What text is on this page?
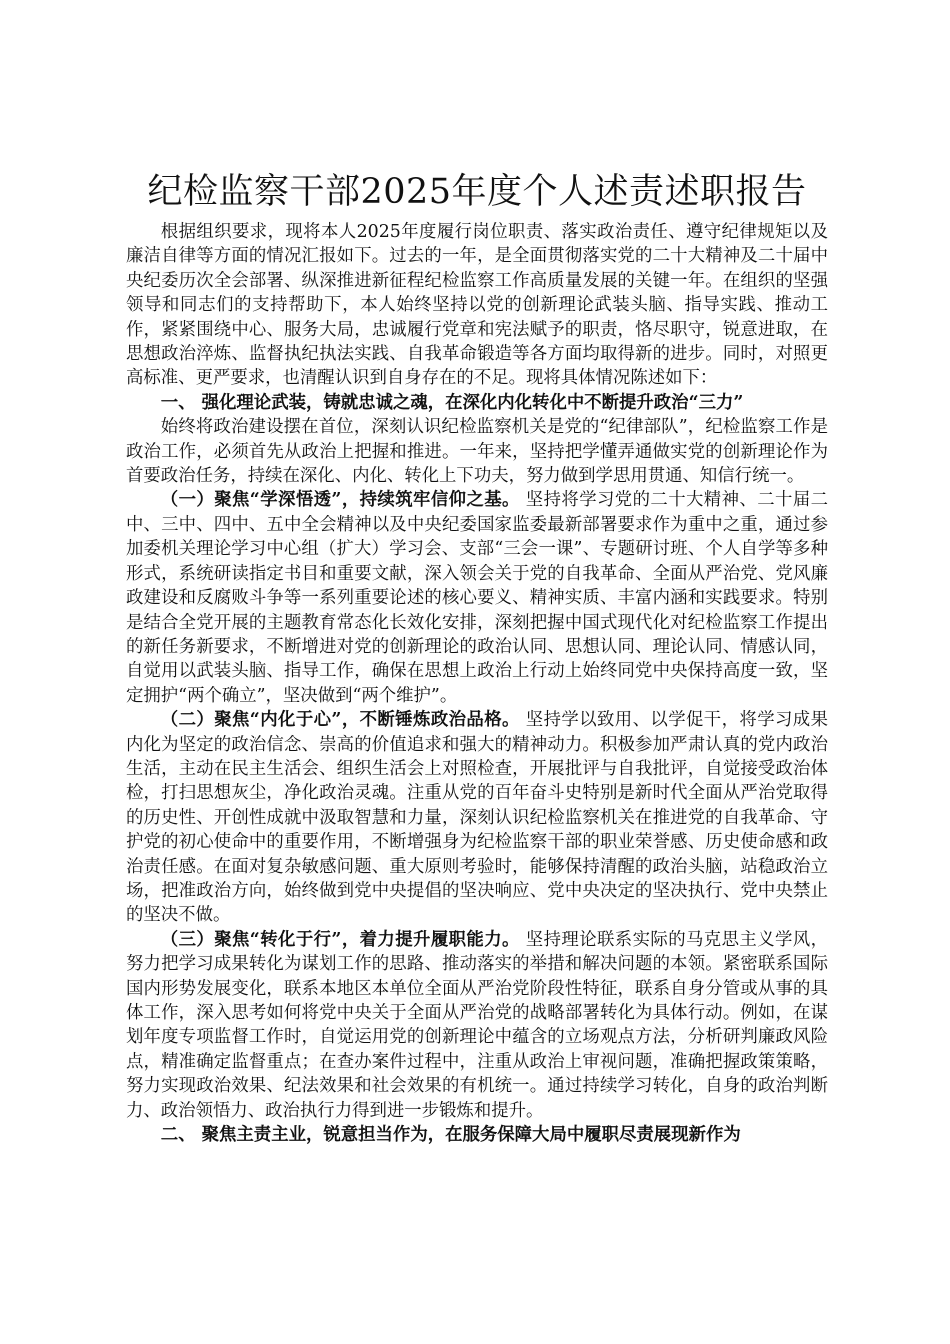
纪检监察干部2025年度个人述责述职报告

根据组织要求，现将本人2025年度履行岗位职责、落实政治责任、遵守纪律规矩以及廉洁自律等方面的情况汇报如下。过去的一年，是全面贯彻落实党的二十大精神及二十届中央纪委历次全会部署、纵深推进新征程纪检监察工作高质量发展的关键一年。在组织的坚强领导和同志们的支持帮助下，本人始终坚持以党的创新理论武装头脑、指导实践、推动工作，紧紧围绕中心、服务大局，忠诚履行党章和宪法赋予的职责，恪尽职守，锐意进取，在思想政治淬炼、监督执纪执法实践、自我革命锻造等各方面均取得新的进步。同时，对照更高标准、更严要求，也清醒认识到自身存在的不足。现将具体情况陈述如下：

一、 强化理论武装，铸就忠诚之魂，在深化内化转化中不断提升政治“三力”

始终将政治建设摆在首位，深刻认识纪检监察机关是党的“纪律部队”，纪检监察工作是政治工作，必须首先从政治上把握和推进。一年来，坚持把学懂弄通做实党的创新理论作为首要政治任务，持续在深化、内化、转化上下功夫，努力做到学思用贯通、知信行统一。

（一）聚焦“学深悟透”，持续筑牢信仰之基。 坚持将学习党的二十大精神、二十届二中、三中、四中、五中全会精神以及中央纪委国家监委最新部署要求作为重中之重，通过参加委机关理论学习中心组（扩大）学习会、支部“三会一课”、专题研讨班、个人自学等多种形式，系统研读指定书目和重要文献，深入领会关于党的自我革命、全面从严治党、党风廉政建设和反腐败斗争等一系列重要论述的核心要义、精神实质、丰富内涵和实践要求。特别是结合全党开展的主题教育常态化长效化安排，深刻把握中国式现代化对纪检监察工作提出的新任务新要求，不断增进对党的创新理论的政治认同、思想认同、理论认同、情感认同，自觉用以武装头脑、指导工作，确保在思想上政治上行动上始终同党中央保持高度一致，坚定拥护“两个确立”，坚决做到“两个维护”。

（二）聚焦“内化于心”，不断锤炼政治品格。 坚持学以致用、以学促干，将学习成果内化为坚定的政治信念、崇高的价值追求和强大的精神动力。积极参加严肃认真的党内政治生活，主动在民主生活会、组织生活会上对照检查，开展批评与自我批评，自觉接受政治体检，打扫思想灰尘，净化政治灵魂。注重从党的百年奋斗史特别是新时代全面从严治党取得的历史性、开创性成就中汲取智慧和力量，深刻认识纪检监察机关在推进党的自我革命、守护党的初心使命中的重要作用，不断增强身为纪检监察干部的职业荣誉感、历史使命感和政治责任感。在面对复杂敏感问题、重大原则考验时，能够保持清醒的政治头脑，站稳政治立场，把准政治方向，始终做到党中央提倡的坚决响应、党中央决定的坚决执行、党中央禁止的坚决不做。

（三）聚焦“转化于行”，着力提升履职能力。 坚持理论联系实际的马克思主义学风，努力把学习成果转化为谋划工作的思路、推动落实的举措和解决问题的本领。紧密联系国际国内形势发展变化，联系本地区本单位全面从严治党阶段性特征，联系自身分管或从事的具体工作，深入思考如何将党中央关于全面从严治党的战略部署转化为具体行动。例如，在谋划年度专项监督工作时，自觉运用党的创新理论中蕴含的立场观点方法，分析研判廉政风险点，精准确定监督重点；在查办案件过程中，注重从政治上审视问题，准确把握政策策略，努力实现政治效果、纪法效果和社会效果的有机统一。通过持续学习转化，自身的政治判断力、政治领悟力、政治执行力得到进一步锻炼和提升。

二、 聚焦主责主业，锐意担当作为，在服务保障大局中履职尽责展现新作为
